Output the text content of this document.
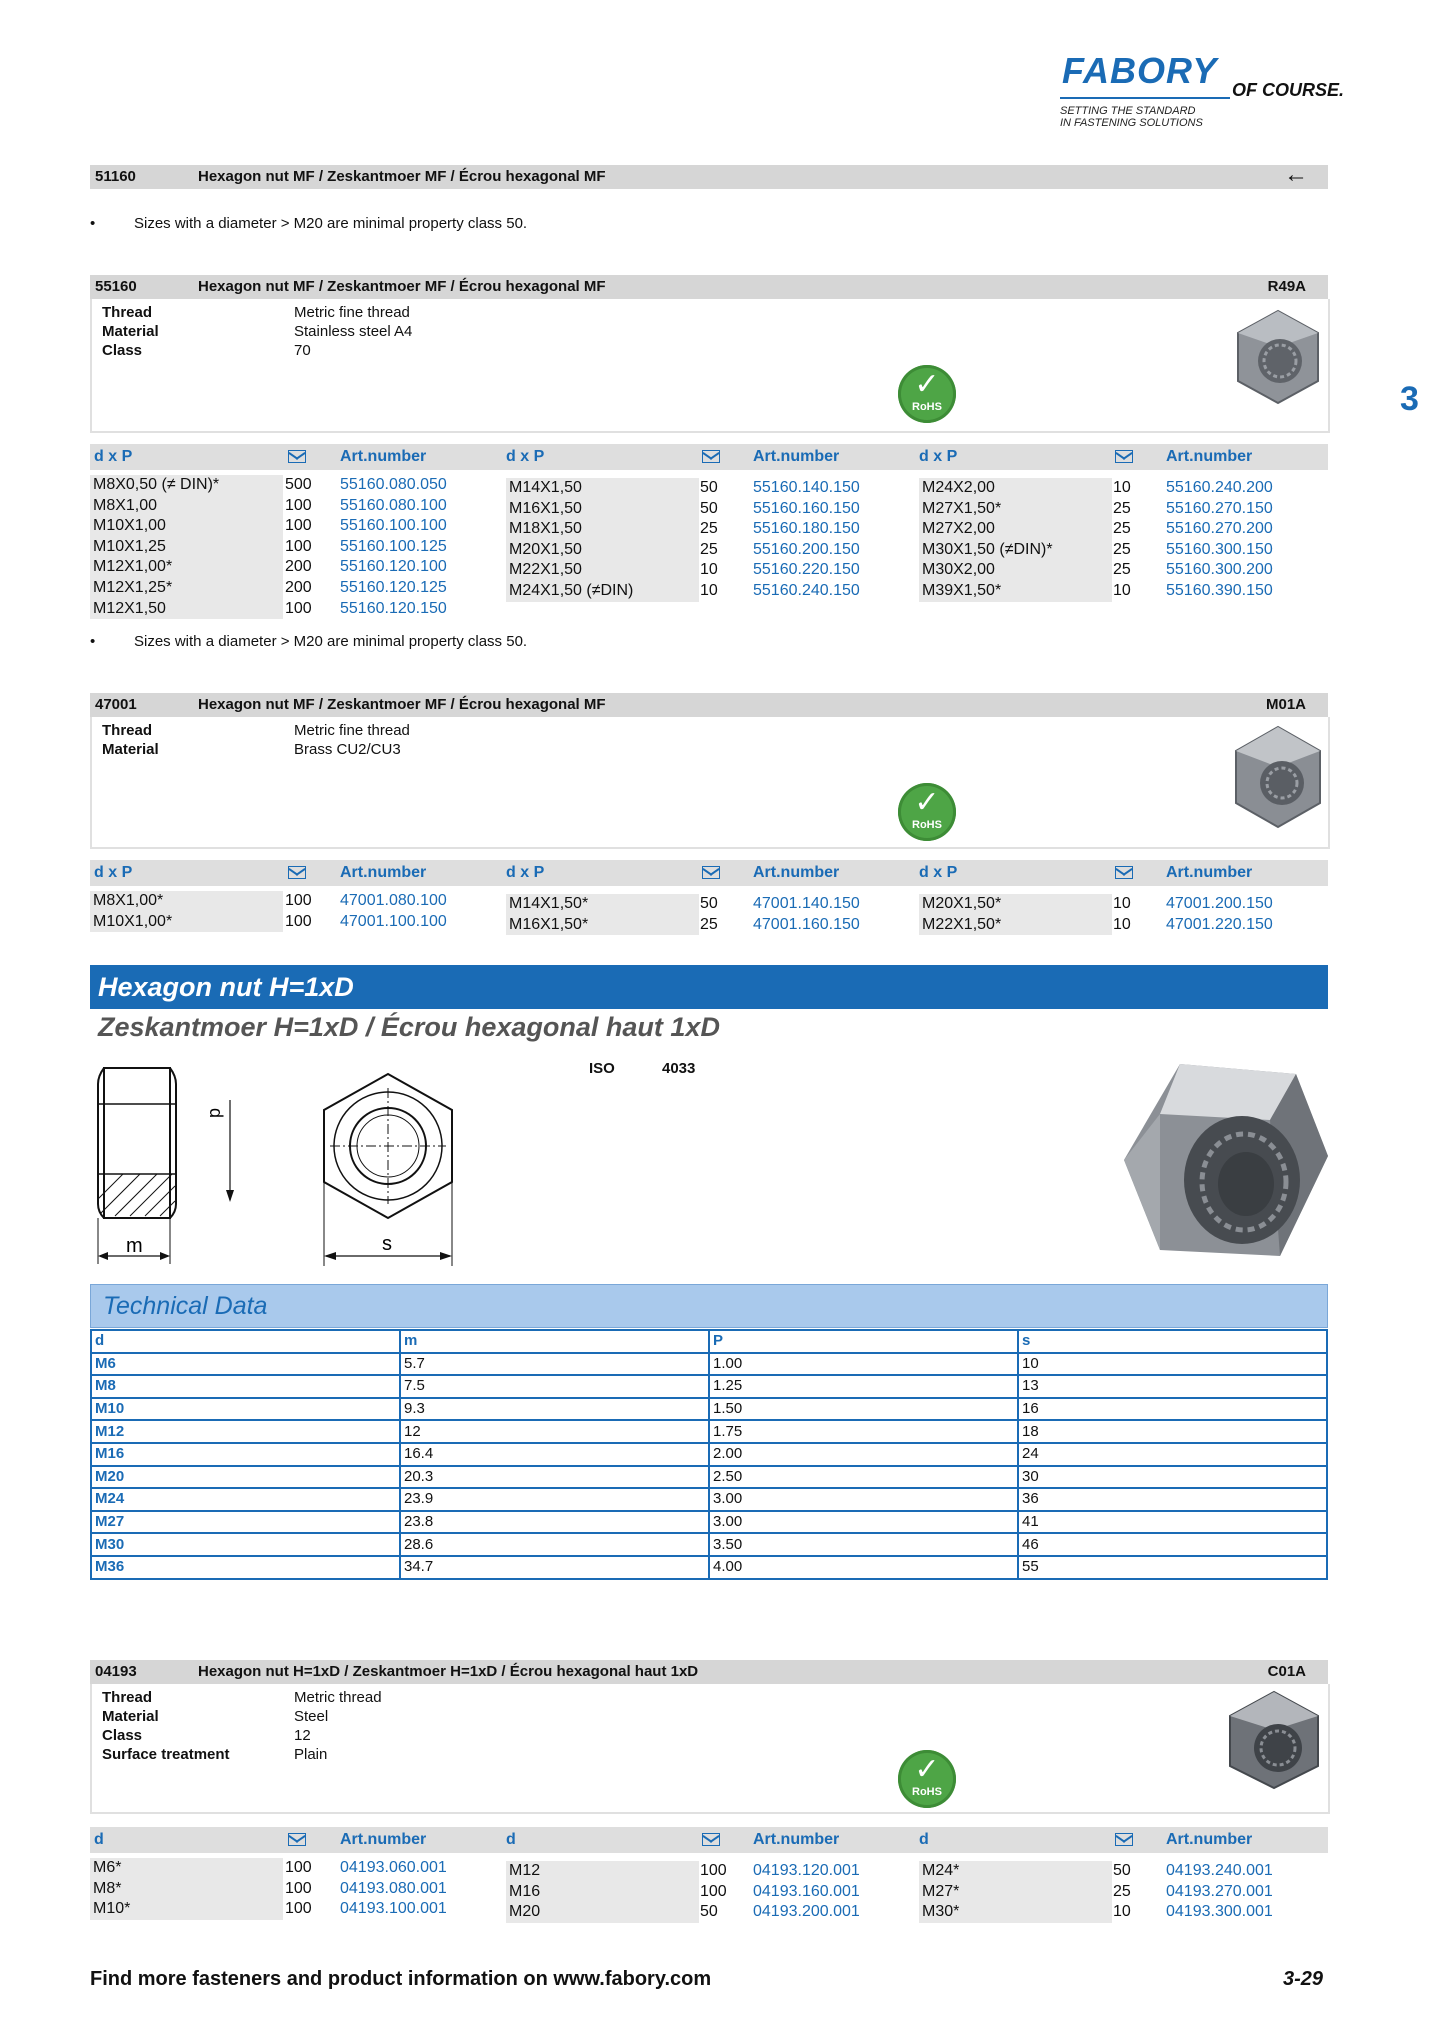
FABORY OF COURSE.
SETTING THE STANDARD
IN FASTENING SOLUTIONS
3
51160	Hexagon nut MF / Zeskantmoer MF / Écrou hexagonal MF	←
•	Sizes with a diameter > M20 are minimal property class 50.
55160	Hexagon nut MF / Zeskantmoer MF / Écrou hexagonal MF	R49A
Thread	Metric fine thread
Material	Stainless steel A4
Class	70
✓
RoHS
d x P	Art.number	d x P	Art.number	d x P	Art.number
M8X0,50 (≠ DIN)*	500	55160.080.050
M8X1,00	100	55160.080.100
M10X1,00	100	55160.100.100
M10X1,25	100	55160.100.125
M12X1,00*	200	55160.120.100
M12X1,25*	200	55160.120.125
M12X1,50	100	55160.120.150
M14X1,50	50	55160.140.150
M16X1,50	50	55160.160.150
M18X1,50	25	55160.180.150
M20X1,50	25	55160.200.150
M22X1,50	10	55160.220.150
M24X1,50 (≠DIN)	10	55160.240.150
M24X2,00	10	55160.240.200
M27X1,50*	25	55160.270.150
M27X2,00	25	55160.270.200
M30X1,50 (≠DIN)*	25	55160.300.150
M30X2,00	25	55160.300.200
M39X1,50*	10	55160.390.150
•	Sizes with a diameter > M20 are minimal property class 50.
47001	Hexagon nut MF / Zeskantmoer MF / Écrou hexagonal MF	M01A
Thread	Metric fine thread
Material	Brass CU2/CU3
✓
RoHS
d x P	Art.number	d x P	Art.number	d x P	Art.number
M8X1,00*	100	47001.080.100
M10X1,00*	100	47001.100.100
M14X1,50*	50	47001.140.150
M16X1,50*	25	47001.160.150
M20X1,50*	10	47001.200.150
M22X1,50*	10	47001.220.150
Hexagon nut H=1xD
Zeskantmoer H=1xD / Écrou hexagonal haut 1xD
ISO	4033
m
d
s
Technical Data
d	m	P	s
M6	5.7	1.00	10
M8	7.5	1.25	13
M10	9.3	1.50	16
M12	12	1.75	18
M16	16.4	2.00	24
M20	20.3	2.50	30
M24	23.9	3.00	36
M27	23.8	3.00	41
M30	28.6	3.50	46
M36	34.7	4.00	55
04193	Hexagon nut H=1xD / Zeskantmoer H=1xD / Écrou hexagonal haut 1xD	C01A
Thread	Metric thread
Material	Steel
Class	12
Surface treatment	Plain	✓
RoHS
d	Art.number	d	Art.number	d	Art.number
M6*	100	04193.060.001
M8*	100	04193.080.001
M10*	100	04193.100.001
M12	100	04193.120.001
M16	100	04193.160.001
M20	50	04193.200.001
M24*	50	04193.240.001
M27*	25	04193.270.001
M30*	10	04193.300.001
Find more fasteners and product information on www.fabory.com	3-29
